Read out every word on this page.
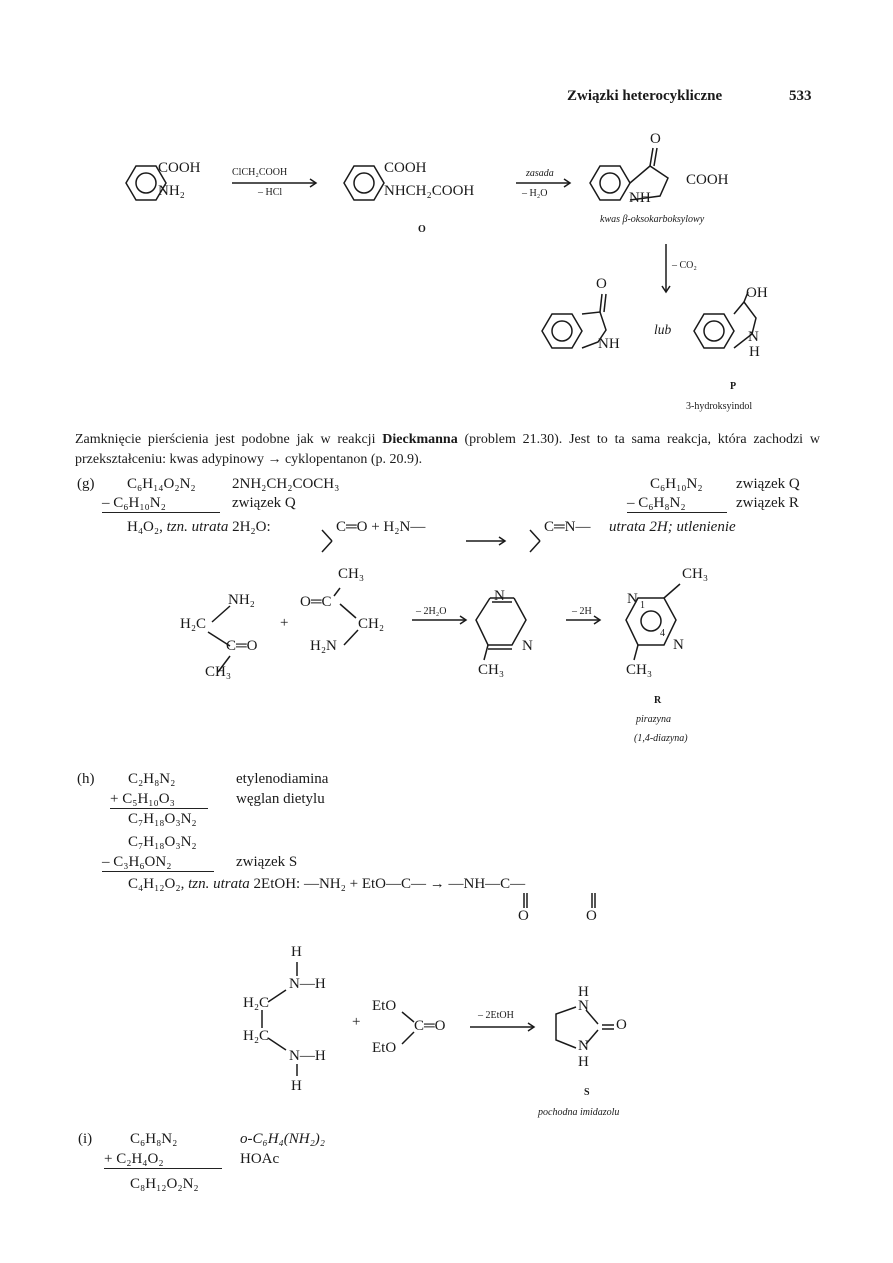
Związki heterocykliczne	533
COOH
NH₂
ClCH₂COOH
– HCl
COOH
NHCH₂COOH
O
zasada
– H₂O
O
COOH
NH
kwas β-oksokarboksylowy
– CO₂
O
NH
lub
OH
N
H
P
3-hydroksyindol
Zamknięcie pierścienia jest podobne jak w reakcji Dieckmanna (problem 21.30). Jest to ta sama reakcja, która zachodzi w przekształceniu: kwas adypinowy → cyklopentanon (p. 20.9).
(g) C₆H₁₄O₂N₂ 2NH₂CH₂COCH₃
– C₆H₁₀N₂	związek Q
H₄O₂, tzn. utrata 2H₂O:	C═O + H₂N—	C═N— utrata 2H; utlenienie
C₆H₁₀N₂ związek Q
– C₆H₈N₂	związek R
NH₂
H₂C
C═O
CH₃
+
CH₃
O═C
CH₂
H₂N
– 2H₂O
N
N
CH₃
– 2H
CH₃
N 1
4
N
CH₃
R
pirazyna
(1,4-diazyna)
(h) C₂H₈N₂	etylenodiamina
+ C₅H₁₀O₃	węglan dietylu
C₇H₁₈O₃N₂
C₇H₁₈O₃N₂
– C₃H₆ON₂	związek S
C₄H₁₂O₂, tzn. utrata 2EtOH: —NH₂ + EtO—C— → —NH—C—
O	O
H
N—H
H₂C
H₂C
N—H
H
+
EtO
C═O
EtO
– 2EtOH
H
N
O
N
H
S
pochodna imidazolu
(i)	C₆H₈N₂	o-C₆H₄(NH₂)₂
+ C₂H₄O₂	HOAc
C₈H₁₂O₂N₂
